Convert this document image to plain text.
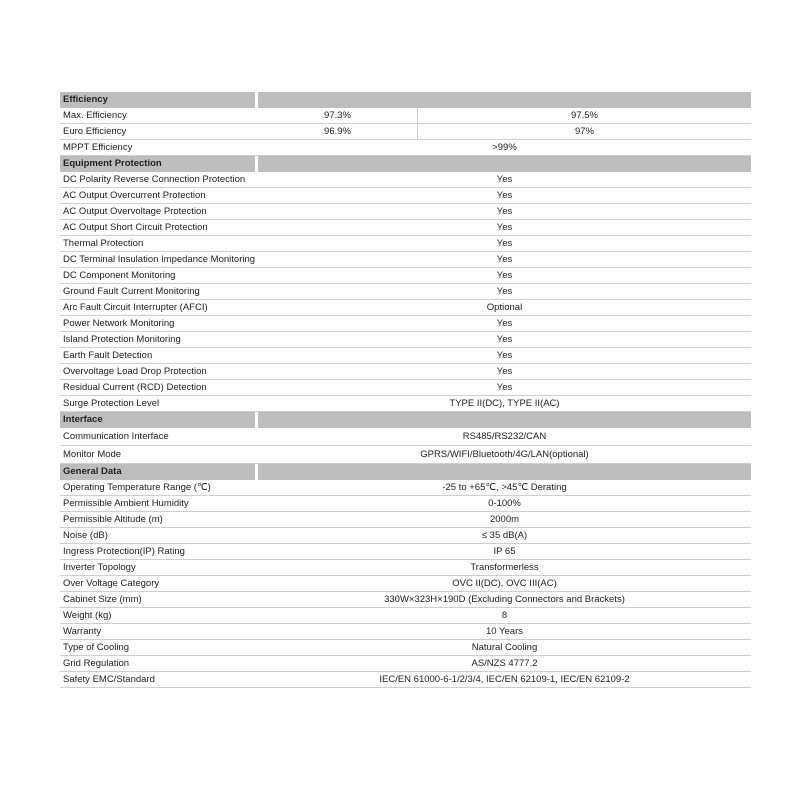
Efficiency
Max. Efficiency	97.3%	97.5%
Euro Efficiency	96.9%	97%
MPPT Efficiency	>99%
Equipment Protection
DC Polarity Reverse Connection Protection	Yes
AC Output Overcurrent Protection	Yes
AC Output Overvoltage Protection	Yes
AC Output Short Circuit Protection	Yes
Thermal Protection	Yes
DC Terminal Insulation Impedance Monitoring	Yes
DC Component Monitoring	Yes
Ground Fault Current Monitoring	Yes
Arc Fault Circuit Interrupter (AFCI)	Optional
Power Network Monitoring	Yes
Island Protection Monitoring	Yes
Earth Fault Detection	Yes
Overvoltage Load Drop Protection	Yes
Residual Current (RCD) Detection	Yes
Surge Protection Level	TYPE II(DC), TYPE II(AC)
Interface
Communication Interface	RS485/RS232/CAN
Monitor Mode	GPRS/WIFI/Bluetooth/4G/LAN(optional)
General Data
Operating Temperature Range (℃)	-25 to +65℃, >45℃ Derating
Permissible Ambient Humidity	0-100%
Permissible Altitude (m)	2000m
Noise (dB)	≤ 35 dB(A)
Ingress Protection(IP) Rating	IP 65
Inverter Topology	Transformerless
Over Voltage Category	OVC II(DC), OVC III(AC)
Cabinet Size (mm)	330W×323H×190D (Excluding Connectors and Brackets)
Weight (kg)	8
Warranty	10 Years
Type of Cooling	Natural Cooling
Grid Regulation	AS/NZS 4777.2
Safety EMC/Standard	IEC/EN 61000-6-1/2/3/4, IEC/EN 62109-1, IEC/EN 62109-2
